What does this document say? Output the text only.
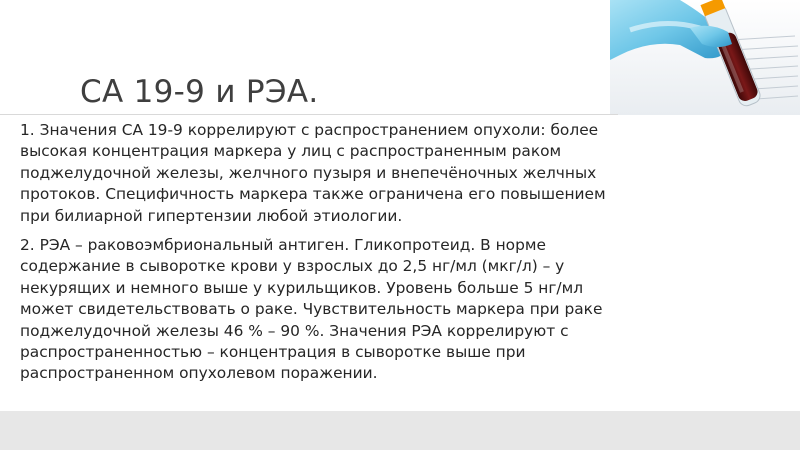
СА 19-9 и РЭА.

1. Значения СА 19-9 коррелируют с распространением опухоли: более
высокая концентрация маркера у лиц с распространенным раком
поджелудочной железы, желчного пузыря и внепечёночных желчных
протоков. Специфичность маркера также ограничена его повышением
при билиарной гипертензии любой этиологии.

2. РЭА – раковоэмбриональный антиген. Гликопротеид. В норме
содержание в сыворотке крови у взрослых до 2,5 нг/мл (мкг/л) – у
некурящих и немного выше у курильщиков. Уровень больше 5 нг/мл
может свидетельствовать о раке. Чувствительность маркера при раке
поджелудочной железы 46 % – 90 %. Значения РЭА коррелируют с
распространенностью – концентрация в сыворотке выше при
распространенном опухолевом поражении.
